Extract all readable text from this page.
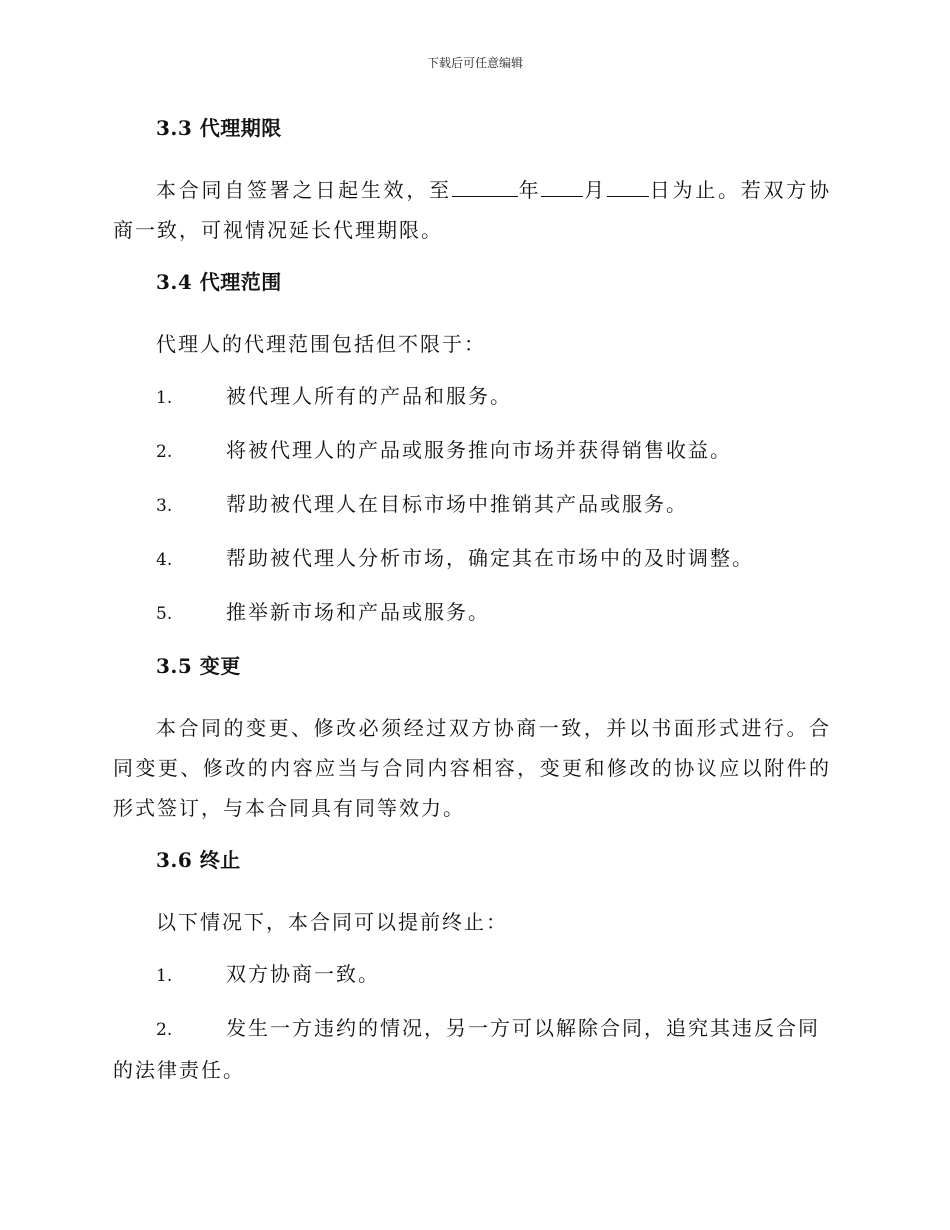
下载后可任意编辑
3.3 代理期限

本合同自签署之日起生效，至	年 月 日为止。若双方协商一致，可视情况延长代理期限。

3.4 代理范围

代理人的代理范围包括但不限于：

1.	被代理人所有的产品和服务。
2.	将被代理人的产品或服务推向市场并获得销售收益。
3.	帮助被代理人在目标市场中推销其产品或服务。
4.	帮助被代理人分析市场，确定其在市场中的及时调整。
5.	推举新市场和产品或服务。
3.5 变更

本合同的变更、修改必须经过双方协商一致，并以书面形式进行。合同变更、修改的内容应当与合同内容相容，变更和修改的协议应以附件的形式签订，与本合同具有同等效力。

3.6 终止

以下情况下，本合同可以提前终止：

1.	双方协商一致。
2.	发生一方违约的情况，另一方可以解除合同，追究其违反合同的法律责任。
